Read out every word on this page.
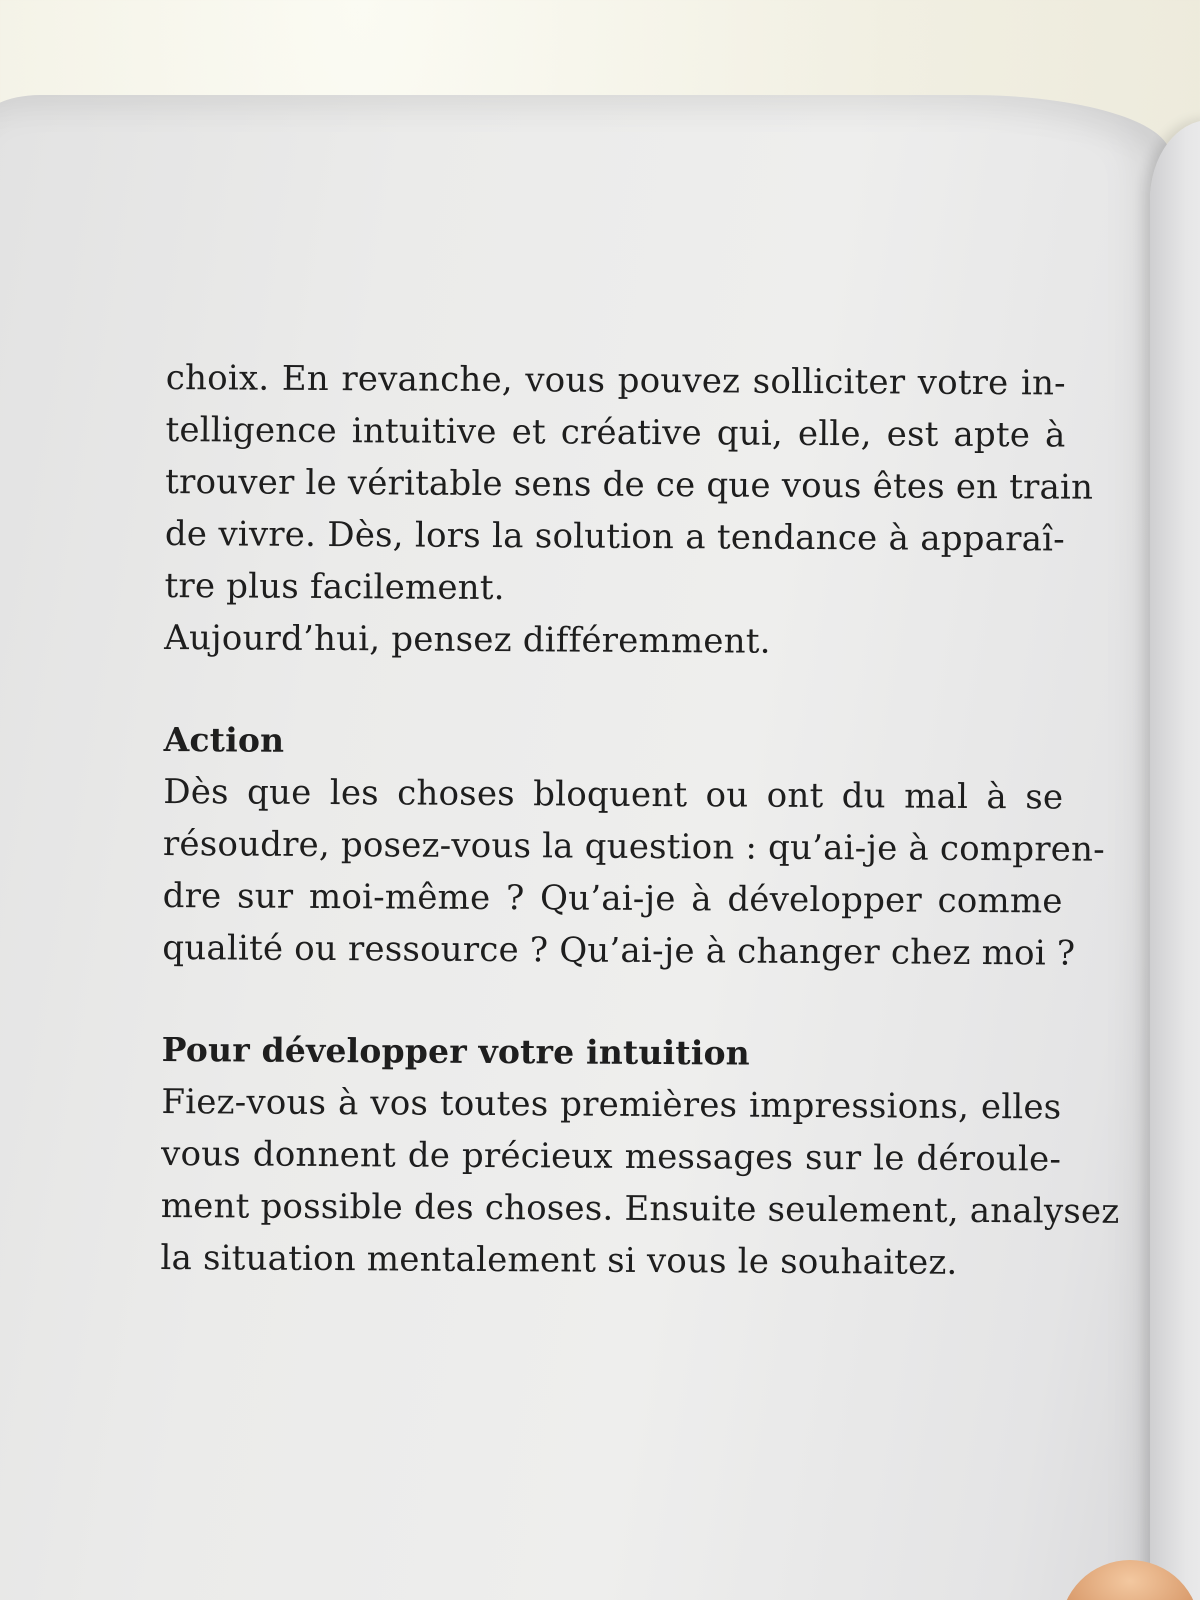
choix. En revanche, vous pouvez solliciter votre in-
telligence intuitive et créative qui, elle, est apte à
trouver le véritable sens de ce que vous êtes en train
de vivre. Dès, lors la solution a tendance à apparaî-
tre plus facilement.
Aujourd’hui, pensez différemment.
Action
Dès que les choses bloquent ou ont du mal à se
résoudre, posez-vous la question : qu’ai-je à compren-
dre sur moi-même ? Qu’ai-je à développer comme
qualité ou ressource ? Qu’ai-je à changer chez moi ?
Pour développer votre intuition
Fiez-vous à vos toutes premières impressions, elles
vous donnent de précieux messages sur le déroule-
ment possible des choses. Ensuite seulement, analysez
la situation mentalement si vous le souhaitez.
